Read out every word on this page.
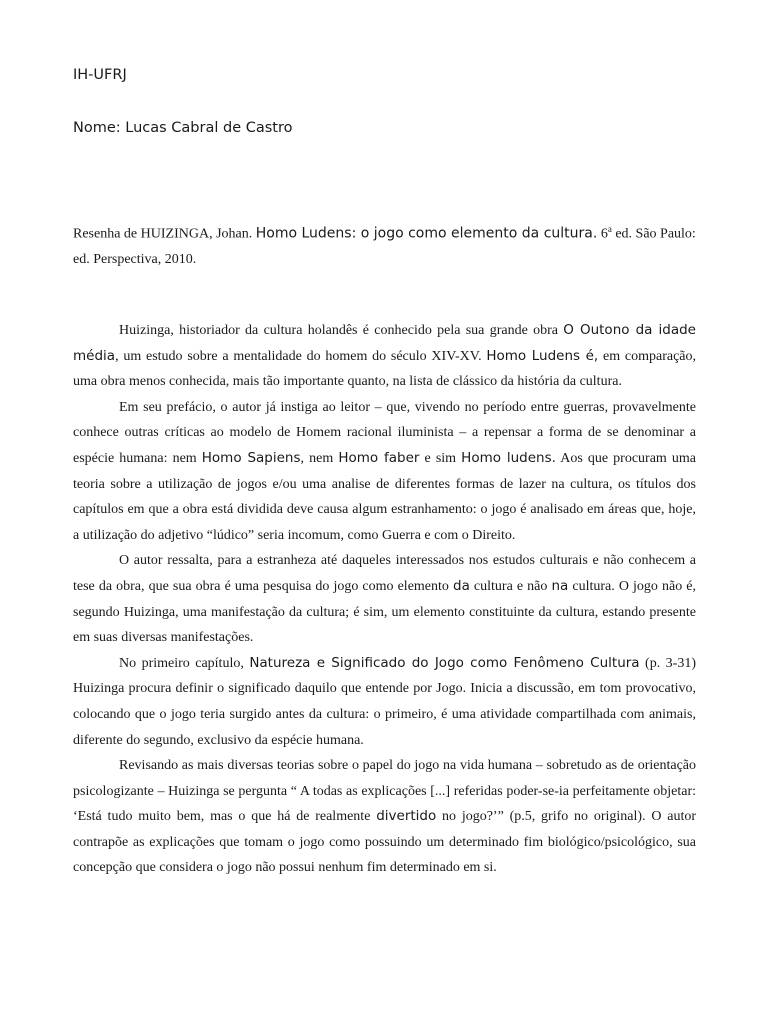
IH-UFRJ
Nome: Lucas Cabral de Castro
Resenha de HUIZINGA, Johan. Homo Ludens: o jogo como elemento da cultura. 6$^a$ ed. São Paulo: ed. Perspectiva, 2010.

Huizinga, historiador da cultura holandês é conhecido pela sua grande obra O Outono da idade média, um estudo sobre a mentalidade do homem do século XIV-XV. Homo Ludens é, em comparação, uma obra menos conhecida, mais tão importante quanto, na lista de clássico da história da cultura.

Em seu prefácio, o autor já instiga ao leitor – que, vivendo no período entre guerras, provavelmente conhece outras críticas ao modelo de Homem racional iluminista – a repensar a forma de se denominar a espécie humana: nem Homo Sapiens, nem Homo faber e sim Homo ludens. Aos que procuram uma teoria sobre a utilização de jogos e/ou uma analise de diferentes formas de lazer na cultura, os títulos dos capítulos em que a obra está dividida deve causa algum estranhamento: o jogo é analisado em áreas que, hoje, a utilização do adjetivo “lúdico” seria incomum, como Guerra e com o Direito.

O autor ressalta, para a estranheza até daqueles interessados nos estudos culturais e não conhecem a tese da obra, que sua obra é uma pesquisa do jogo como elemento da cultura e não na cultura. O jogo não é, segundo Huizinga, uma manifestação da cultura; é sim, um elemento constituinte da cultura, estando presente em suas diversas manifestações.

No primeiro capítulo, Natureza e Significado do Jogo como Fenômeno Cultura (p. 3-31) Huizinga procura definir o significado daquilo que entende por Jogo. Inicia a discussão, em tom provocativo, colocando que o jogo teria surgido antes da cultura: o primeiro, é uma atividade compartilhada com animais, diferente do segundo, exclusivo da espécie humana.

Revisando as mais diversas teorias sobre o papel do jogo na vida humana – sobretudo as de orientação psicologizante – Huizinga se pergunta “ A todas as explicações [...] referidas poder-se-ia perfeitamente objetar: ‘Está tudo muito bem, mas o que há de realmente divertido no jogo?’” (p.5, grifo no original). O autor contrapõe as explicações que tomam o jogo como possuindo um determinado fim biológico/psicológico, sua concepção que considera o jogo não possui nenhum fim determinado em si.
